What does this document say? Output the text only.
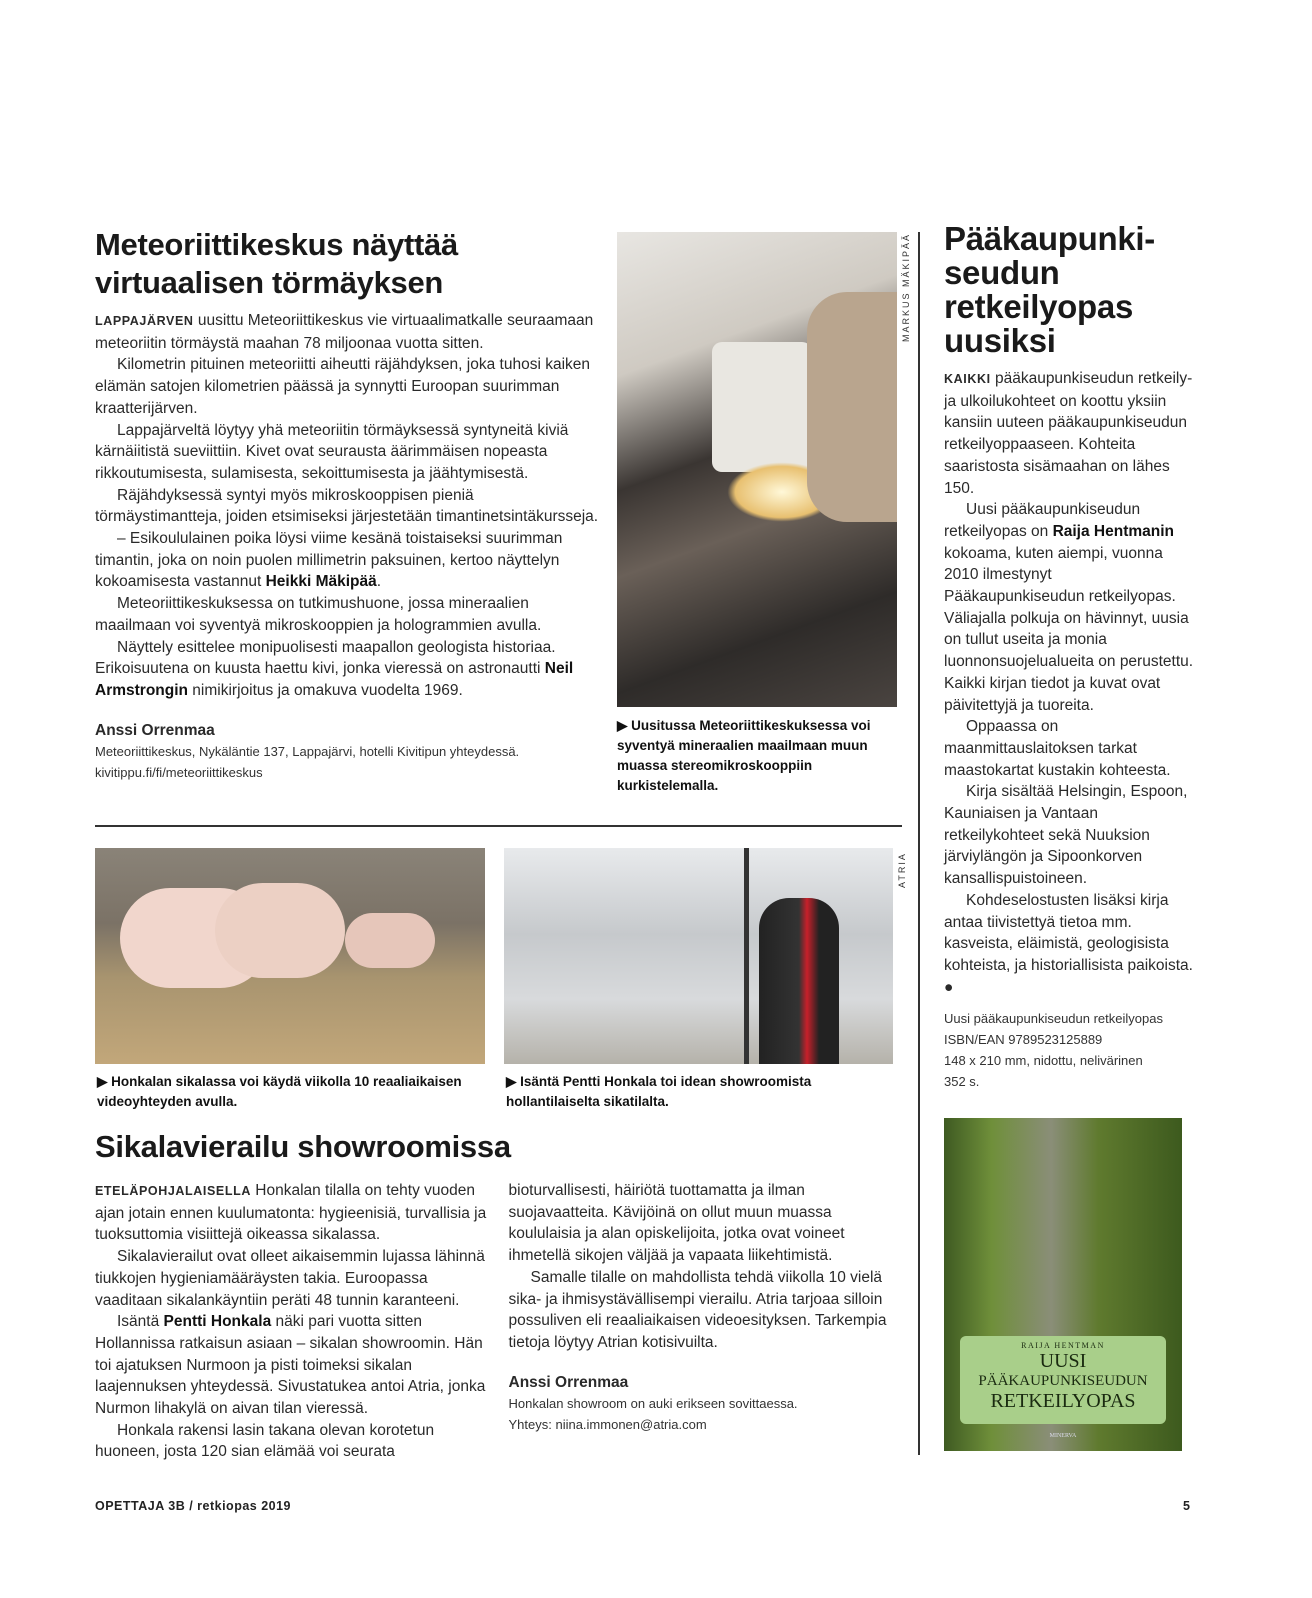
Meteoriittikeskus näyttää virtuaalisen törmäyksen

LAPPAJÄRVEN uusittu Meteoriittikeskus vie virtuaalimatkalle seuraamaan meteoriitin törmäystä maahan 78 miljoonaa vuotta sitten.

Kilometrin pituinen meteoriitti aiheutti räjähdyksen, joka tuhosi kaiken elämän satojen kilometrien päässä ja synnytti Euroopan suurimman kraatterijärven.

Lappajärveltä löytyy yhä meteoriitin törmäyksessä syntyneitä kiviä kärnäiitistä sueviittiin. Kivet ovat seurausta äärimmäisen nopeasta rikkoutumisesta, sulamisesta, sekoittumisesta ja jäähtymisestä.

Räjähdyksessä syntyi myös mikroskooppisen pieniä törmäystimantteja, joiden etsimiseksi järjestetään timantinetsintäkursseja.

– Esikoululainen poika löysi viime kesänä toistaiseksi suurimman timantin, joka on noin puolen millimetrin paksuinen, kertoo näyttelyn kokoamisesta vastannut Heikki Mäkipää.

Meteoriittikeskuksessa on tutkimushuone, jossa mineraalien maailmaan voi syventyä mikroskooppien ja hologrammien avulla.

Näyttely esittelee monipuolisesti maapallon geologista historiaa. Erikoisuutena on kuusta haettu kivi, jonka vieressä on astronautti Neil Armstrongin nimikirjoitus ja omakuva vuodelta 1969.

Anssi Orrenmaa
Meteoriittikeskus, Nykäläntie 137, Lappajärvi, hotelli Kivitipun yhteydessä.
kivitippu.fi/fi/meteoriittikeskus
MARKUS MÄKIPÄÄ
▶ Uusitussa Meteoriittikeskuksessa voi syventyä mineraalien maailmaan muun muassa stereomikroskooppiin kurkistelemalla.
ATRIA
▶ Honkalan sikalassa voi käydä viikolla 10 reaaliaikaisen videoyhteyden avulla.
▶ Isäntä Pentti Honkala toi idean showroomista hollantilaiselta sikatilalta.
Sikalavierailu showroomissa

ETELÄPOHJALAISELLA Honkalan tilalla on tehty vuoden ajan jotain ennen kuulumatonta: hygieenisiä, turvallisia ja tuoksuttomia visiittejä oikeassa sikalassa.

Sikalavierailut ovat olleet aikaisemmin lujassa lähinnä tiukkojen hygieniamääräysten takia. Euroopassa vaaditaan sikalankäyntiin peräti 48 tunnin karanteeni.

Isäntä Pentti Honkala näki pari vuotta sitten Hollannissa ratkaisun asiaan – sikalan showroomin. Hän toi ajatuksen Nurmoon ja pisti toimeksi sikalan laajennuksen yhteydessä. Sivustatukea antoi Atria, jonka Nurmon lihakylä on aivan tilan vieressä.

Honkala rakensi lasin takana olevan korotetun huoneen, josta 120 sian elämää voi seurata bioturvallisesti, häiriötä tuottamatta ja ilman suojavaatteita. Kävijöinä on ollut muun muassa koululaisia ja alan opiskelijoita, jotka ovat voineet ihmetellä sikojen väljää ja vapaata liikehtimistä.

Samalle tilalle on mahdollista tehdä viikolla 10 vielä sika- ja ihmisystävällisempi vierailu. Atria tarjoaa silloin possuliven eli reaaliaikaisen videoesityksen. Tarkempia tietoja löytyy Atrian kotisivuilta.

Anssi Orrenmaa
Honkalan showroom on auki erikseen sovittaessa.
Yhteys: niina.immonen@atria.com
Pääkaupunki-seudun retkeilyopas uusiksi

KAIKKI pääkaupunkiseudun retkeily- ja ulkoilukohteet on koottu yksiin kansiin uuteen pääkaupunkiseudun retkeilyoppaaseen. Kohteita saaristosta sisämaahan on lähes 150.

Uusi pääkaupunkiseudun retkeilyopas on Raija Hentmanin kokoama, kuten aiempi, vuonna 2010 ilmestynyt Pääkaupunkiseudun retkeilyopas. Väliajalla polkuja on hävinnyt, uusia on tullut useita ja monia luonnonsuojelualueita on perustettu. Kaikki kirjan tiedot ja kuvat ovat päivitettyjä ja tuoreita.

Oppaassa on maanmittauslaitoksen tarkat maastokartat kustakin kohteesta.

Kirja sisältää Helsingin, Espoon, Kauniaisen ja Vantaan retkeilykohteet sekä Nuuksion järviylängön ja Sipoonkorven kansallispuistoineen.

Kohdeselostusten lisäksi kirja antaa tiivistettyä tietoa mm. kasveista, eläimistä, geologisista kohteista, ja historiallisista paikoista. ●

Uusi pääkaupunkiseudun retkeilyopas
ISBN/EAN 9789523125889
148 x 210 mm, nidottu, nelivärinen
352 s.
RAIJA HENTMAN
UUSI
PÄÄKAUPUNKISEUDUN
RETKEILYOPAS
MINERVA
OPETTAJA 3B / retkiopas 2019	5
